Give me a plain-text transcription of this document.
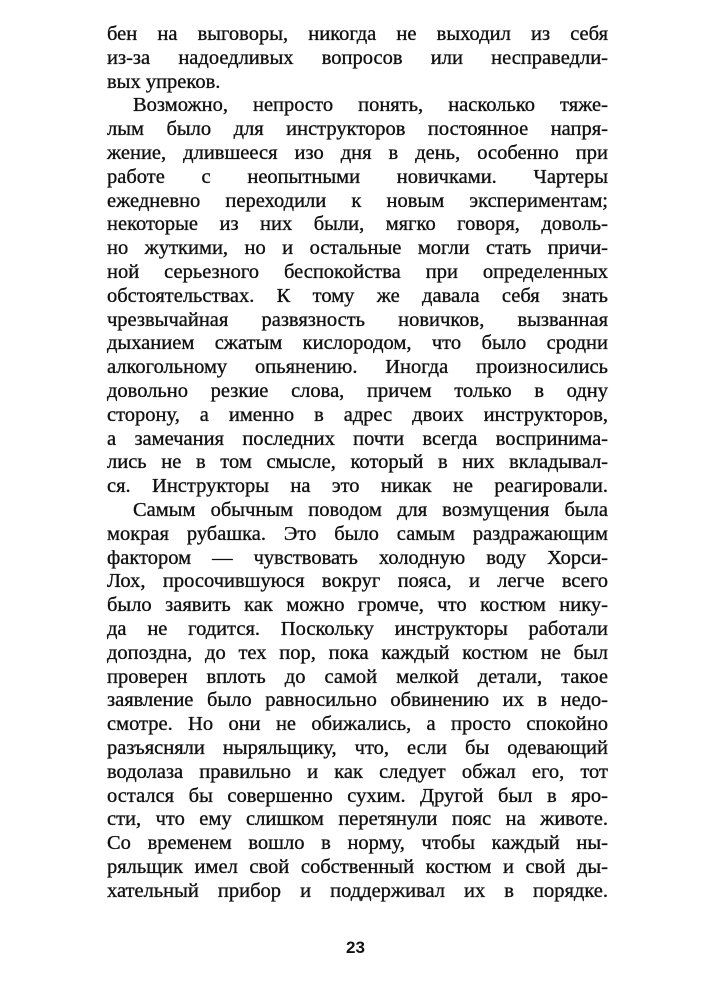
бен на выговоры, никогда не выходил из себя
из-за надоедливых вопросов или несправедли-
вых упреков.
Возможно, непросто понять, насколько тяже-
лым было для инструкторов постоянное напря-
жение, длившееся изо дня в день, особенно при
работе с неопытными новичками. Чартеры
ежедневно переходили к новым экспериментам;
некоторые из них были, мягко говоря, доволь-
но жуткими, но и остальные могли стать причи-
ной серьезного беспокойства при определенных
обстоятельствах. К тому же давала себя знать
чрезвычайная развязность новичков, вызванная
дыханием сжатым кислородом, что было сродни
алкогольному опьянению. Иногда произносились
довольно резкие слова, причем только в одну
сторону, а именно в адрес двоих инструкторов,
а замечания последних почти всегда воспринима-
лись не в том смысле, который в них вкладывал-
ся. Инструкторы на это никак не реагировали.
Самым обычным поводом для возмущения была
мокрая рубашка. Это было самым раздражающим
фактором — чувствовать холодную воду Хорси-
Лох, просочившуюся вокруг пояса, и легче всего
было заявить как можно громче, что костюм нику-
да не годится. Поскольку инструкторы работали
допоздна, до тех пор, пока каждый костюм не был
проверен вплоть до самой мелкой детали, такое
заявление было равносильно обвинению их в недо-
смотре. Но они не обижались, а просто спокойно
разъясняли ныряльщику, что, если бы одевающий
водолаза правильно и как следует обжал его, тот
остался бы совершенно сухим. Другой был в яро-
сти, что ему слишком перетянули пояс на животе.
Со временем вошло в норму, чтобы каждый ны-
ряльщик имел свой собственный костюм и свой ды-
хательный прибор и поддерживал их в порядке.
23
